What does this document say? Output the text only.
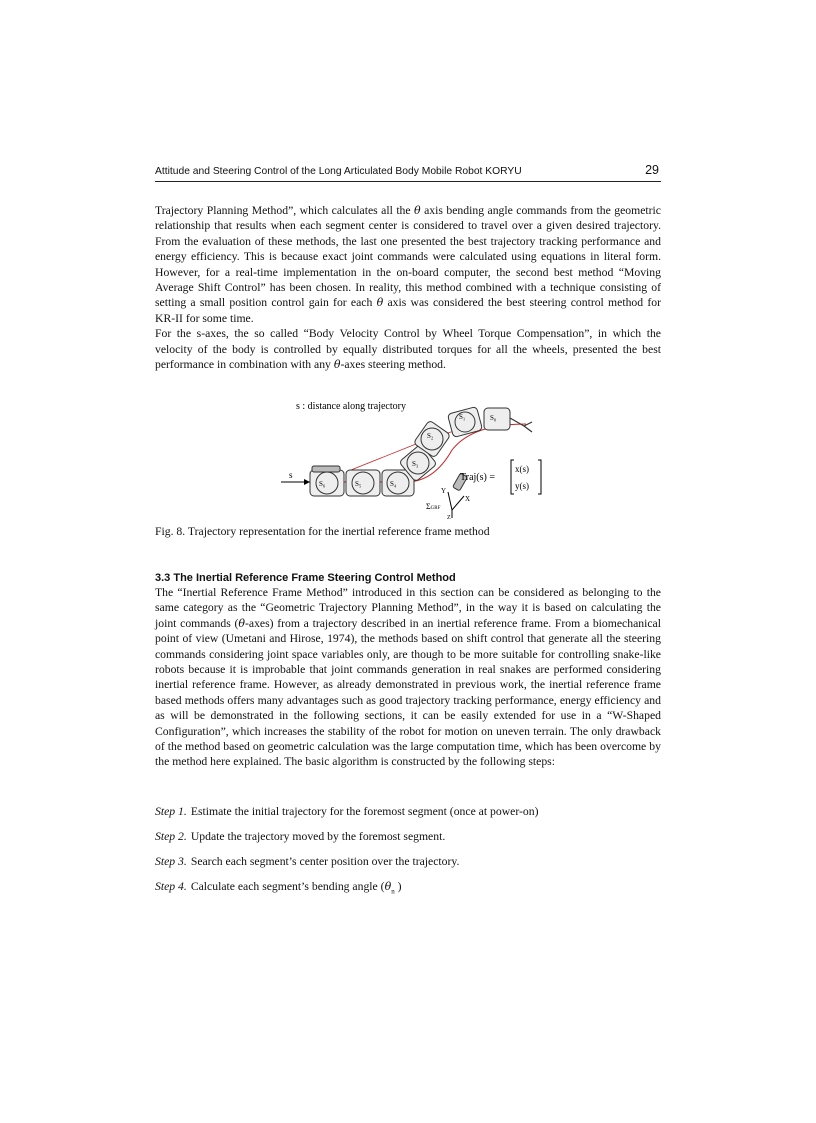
Attitude and Steering Control of the Long Articulated Body Mobile Robot KORYU	29

Trajectory Planning Method”, which calculates all the θ axis bending angle commands from the geometric relationship that results when each segment center is considered to travel over a given desired trajectory. From the evaluation of these methods, the last one presented the best trajectory tracking performance and energy efficiency. This is because exact joint commands were calculated using equations in literal form. However, for a real-time implementation in the on-board computer, the second best method “Moving Average Shift Control” has been chosen. In reality, this method combined with a technique consisting of setting a small position control gain for each θ axis was considered the best steering control method for KR-II for some time.
For the s-axes, the so called “Body Velocity Control by Wheel Torque Compensation”, in which the velocity of the body is controlled by equally distributed torques for all the wheels, presented the best performance in combination with any θ-axes steering method.

s : distance along trajectory
s
S₆	S₅	S₄
S₃
S₂
S₁	S₀
X
Y
Z
ΣGRF
Traj(s) =
x(s)
y(s)

Fig. 8. Trajectory representation for the inertial reference frame method

3.3 The Inertial Reference Frame Steering Control Method

The “Inertial Reference Frame Method” introduced in this section can be considered as belonging to the same category as the “Geometric Trajectory Planning Method”, in the way it is based on calculating the joint commands (θ-axes) from a trajectory described in an inertial reference frame. From a biomechanical point of view (Umetani and Hirose, 1974), the methods based on shift control that generate all the steering commands considering joint space variables only, are though to be more suitable for controlling snake-like robots because it is improbable that joint commands generation in real snakes are performed considering inertial reference frame. However, as already demonstrated in previous work, the inertial reference frame based methods offers many advantages such as good trajectory tracking performance, energy efficiency and as will be demonstrated in the following sections, it can be easily extended for use in a “W-Shaped Configuration”, which increases the stability of the robot for motion on uneven terrain. The only drawback of the method based on geometric calculation was the large computation time, which has been overcome by the method here explained. The basic algorithm is constructed by the following steps:

Step 1. Estimate the initial trajectory for the foremost segment (once at power-on)

Step 2. Update the trajectory moved by the foremost segment.

Step 3. Search each segment’s center position over the trajectory.

Step 4. Calculate each segment’s bending angle ($\theta_n$ )
